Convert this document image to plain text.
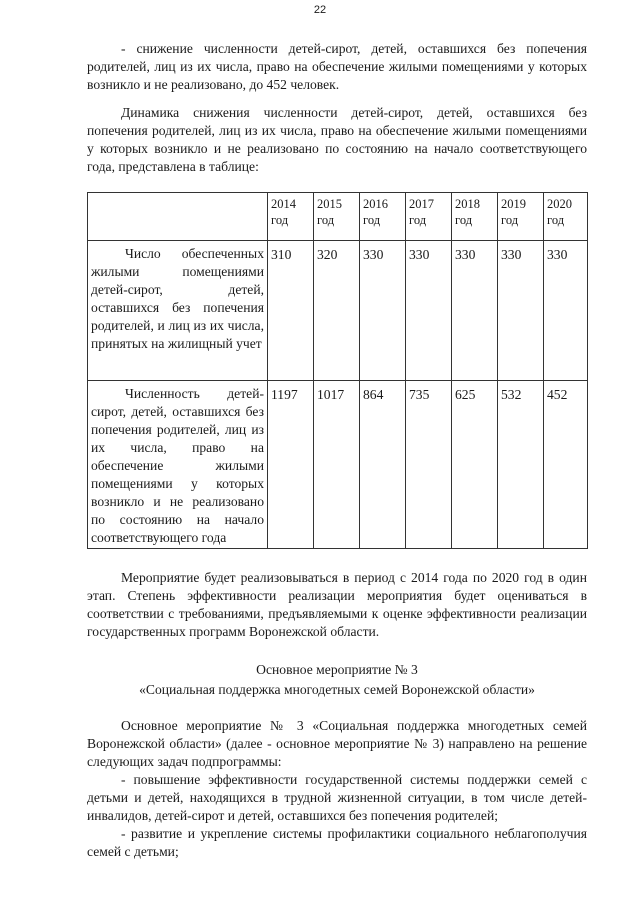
22

- снижение численности детей-сирот, детей, оставшихся без попечения родителей, лиц из их числа, право на обеспечение жилыми помещениями у которых возникло и не реализовано, до 452 человек.

Динамика снижения численности детей-сирот, детей, оставшихся без попечения родителей, лиц из их числа, право на обеспечение жилыми помещениями у которых возникло и не реализовано по состоянию на начало соответствующего года, представлена в таблице:

	2014 год	2015 год	2016 год	2017 год	2018 год	2019 год	2020 год
Число обеспеченных жилыми помещениями детей-сирот, детей, оставшихся без попечения родителей, и лиц из их числа, принятых на жилищный учет	310	320	330	330	330	330	330
Численность детей-сирот, детей, оставшихся без попечения родителей, лиц из их числа, право на обеспечение жилыми помещениями у которых возникло и не реализовано по состоянию на начало соответствующего года	1197	1017	864	735	625	532	452

Мероприятие будет реализовываться в период с 2014 года по 2020 год в один этап. Степень эффективности реализации мероприятия будет оцениваться в соответствии с требованиями, предъявляемыми к оценке эффективности реализации государственных программ Воронежской области.

Основное мероприятие № 3

«Социальная поддержка многодетных семей Воронежской области»

Основное мероприятие № 3 «Социальная поддержка многодетных семей Воронежской области» (далее - основное мероприятие № 3) направлено на решение следующих задач подпрограммы:

- повышение эффективности государственной системы поддержки семей с детьми и детей, находящихся в трудной жизненной ситуации, в том числе детей-инвалидов, детей-сирот и детей, оставшихся без попечения родителей;

- развитие и укрепление системы профилактики социального неблагополучия семей с детьми;
